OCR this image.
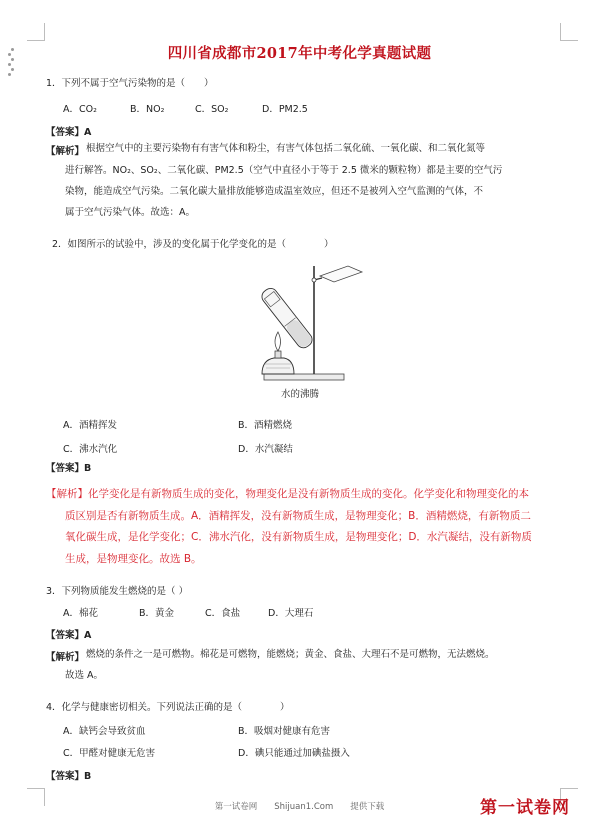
四川省成都市2017年中考化学真题试题
1．下列不属于空气污染物的是（　　）
A．CO₂	B．NO₂	C．SO₂	D．PM2.5
【答案】A
【解析】 根据空气中的主要污染物有有害气体和粉尘，有害气体包括二氧化硫、一氧化碳、和二氧化氮等
进行解答。NO₂、SO₂、二氧化碳、PM2.5（空气中直径小于等于 2.5 微米的颗粒物）都是主要的空气污
染物，能造成空气污染。二氧化碳大量排放能够造成温室效应，但还不是被列入空气监测的气体，不
属于空气污染气体。故选：A。
2．如图所示的试验中，涉及的变化属于化学变化的是（　　　　）
水的沸腾
A．酒精挥发	B．酒精燃烧
C．沸水汽化	D．水汽凝结
【答案】B
【解析】化学变化是有新物质生成的变化，物理变化是没有新物质生成的变化。化学变化和物理变化的本
质区别是否有新物质生成。A．酒精挥发，没有新物质生成，是物理变化；B．酒精燃烧，有新物质二
氧化碳生成，是化学变化；C．沸水汽化，没有新物质生成，是物理变化；D．水汽凝结，没有新物质
生成，是物理变化。故选 B。
3．下列物质能发生燃烧的是（ ）
A．棉花	B．黄金	C．食盐	D．大理石
【答案】A
【解析】 燃烧的条件之一是可燃物。棉花是可燃物，能燃烧；黄金、食盐、大理石不是可燃物，无法燃烧。
故选 A。
4．化学与健康密切相关。下列说法正确的是（　　　　）
A．缺钙会导致贫血	B．吸烟对健康有危害
C．甲醛对健康无危害	D．碘只能通过加碘盐摄入
【答案】B
第一试卷网　　Shijuan1.Com　　提供下载	第一试卷网
